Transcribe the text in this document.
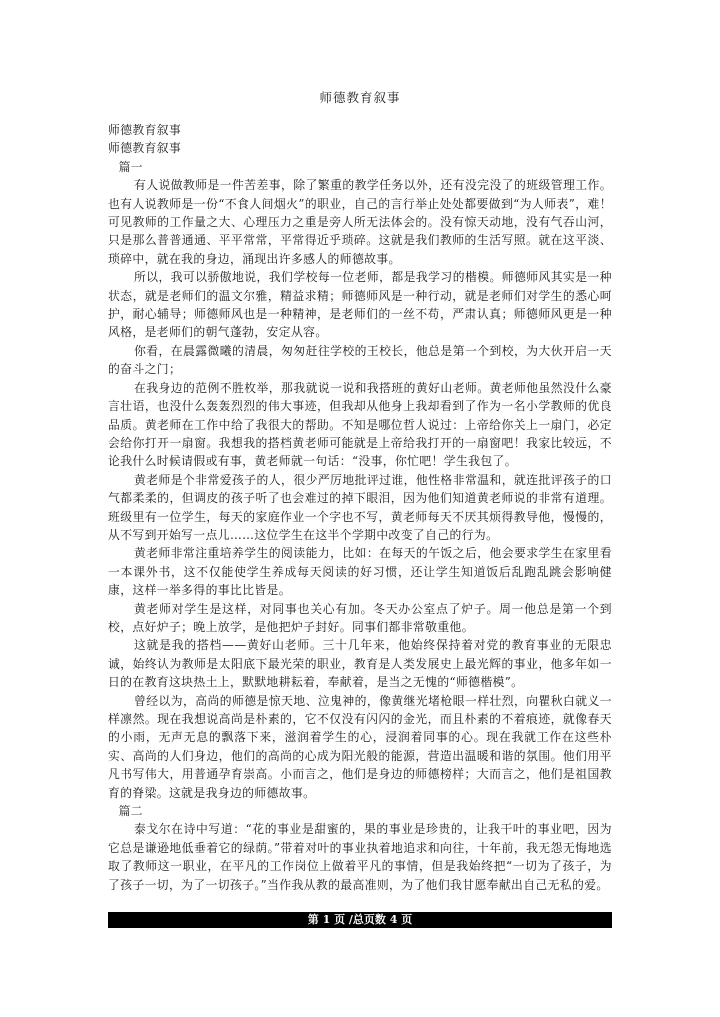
师德教育叙事

师德教育叙事

师德教育叙事

篇一

有人说做教师是一件苦差事，除了繁重的教学任务以外，还有没完没了的班级管理工作。也有人说教师是一份“不食人间烟火”的职业，自己的言行举止处处都要做到“为人师表”，难！可见教师的工作量之大、心理压力之重是旁人所无法体会的。没有惊天动地，没有气吞山河，只是那么普普通通、平平常常，平常得近乎琐碎。这就是我们教师的生活写照。就在这平淡、琐碎中，就在我的身边，涌现出许多感人的师德故事。

所以，我可以骄傲地说，我们学校每一位老师，都是我学习的楷模。师德师风其实是一种状态，就是老师们的温文尔雅，精益求精；师德师风是一种行动，就是老师们对学生的悉心呵护，耐心辅导；师德师风也是一种精神，是老师们的一丝不苟，严肃认真；师德师风更是一种风格，是老师们的朝气蓬勃，安定从容。

你看，在晨露微曦的清晨，匆匆赶往学校的王校长，他总是第一个到校，为大伙开启一天的奋斗之门；

在我身边的范例不胜枚举，那我就说一说和我搭班的黄好山老师。黄老师他虽然没什么豪言壮语，也没什么轰轰烈烈的伟大事迹，但我却从他身上我却看到了作为一名小学教师的优良品质。黄老师在工作中给了我很大的帮助。不知是哪位哲人说过：上帝给你关上一扇门，必定会给你打开一扇窗。我想我的搭档黄老师可能就是上帝给我打开的一扇窗吧！我家比较远，不论我什么时候请假或有事，黄老师就一句话：“没事，你忙吧！学生我包了。

黄老师是个非常爱孩子的人，很少严厉地批评过谁，他性格非常温和，就连批评孩子的口气都柔柔的，但调皮的孩子听了也会难过的掉下眼泪，因为他们知道黄老师说的非常有道理。班级里有一位学生，每天的家庭作业一个字也不写，黄老师每天不厌其烦得教导他，慢慢的，从不写到开始写一点儿……这位学生在这半个学期中改变了自己的行为。

黄老师非常注重培养学生的阅读能力，比如：在每天的午饭之后，他会要求学生在家里看一本课外书，这不仅能使学生养成每天阅读的好习惯，还让学生知道饭后乱跑乱跳会影响健康，这样一举多得的事比比皆是。

黄老师对学生是这样，对同事也关心有加。冬天办公室点了炉子。周一他总是第一个到校，点好炉子；晚上放学，是他把炉子封好。同事们都非常敬重他。

这就是我的搭档——黄好山老师。三十几年来，他始终保持着对党的教育事业的无限忠诚，始终认为教师是太阳底下最光荣的职业，教育是人类发展史上最光辉的事业，他多年如一日的在教育这块热土上，默默地耕耘着，奉献着，是当之无愧的“师德楷模”。

曾经以为，高尚的师德是惊天地、泣鬼神的，像黄继光堵枪眼一样壮烈，向瞿秋白就义一样凛然。现在我想说高尚是朴素的，它不仅没有闪闪的金光，而且朴素的不着痕迹，就像春天的小雨，无声无息的飘落下来，滋润着学生的心，浸润着同事的心。现在我就工作在这些朴实、高尚的人们身边，他们的高尚的心成为阳光般的能源，营造出温暖和谐的氛围。他们用平凡书写伟大，用普通孕育崇高。小而言之，他们是身边的师德榜样；大而言之，他们是祖国教育的脊梁。这就是我身边的师德故事。

篇二

泰戈尔在诗中写道：“花的事业是甜蜜的，果的事业是珍贵的，让我干叶的事业吧，因为它总是谦逊地低垂着它的绿荫。”带着对叶的事业执着地追求和向往，十年前，我无怨无悔地选取了教师这一职业，在平凡的工作岗位上做着平凡的事情，但是我始终把“一切为了孩子，为了孩子一切，为了一切孩子。”当作我从教的最高准则，为了他们我甘愿奉献出自己无私的爱。

第 1 页 /总页数 4 页
